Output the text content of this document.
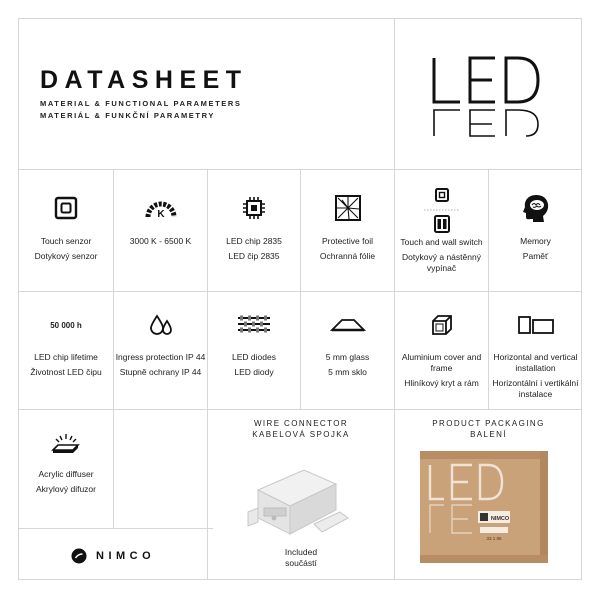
DATASHEET
MATERIAL & FUNCTIONAL PARAMETERS
MATERIÁL & FUNKČNÍ PARAMETRY
Touch senzor
Dotykový senzor
K
3000 K - 6500 K	LED chip 2835
LED čip 2835
Protective foil
Ochranná fólie
Touch and wall switch
Dotykový a nástěnný vypínač
Memory
Paměť
50 000 h
LED chip lifetime
Životnost LED čipu
Ingress protection IP 44
Stupně ochrany IP 44
LED diodes
LED diody
5 mm glass
5 mm sklo
Aluminium cover and frame
Hliníkový kryt a rám
Horizontal and vertical installation
Horizontální i vertikální instalace
Acrylic diffuser
Akrylový difuzor
WIRE CONNECTOR
KABELOVÁ SPOJKA
Included
součástí
PRODUCT PACKAGING
BALENÍ
NIMCO
33 1 85
NIMCO
